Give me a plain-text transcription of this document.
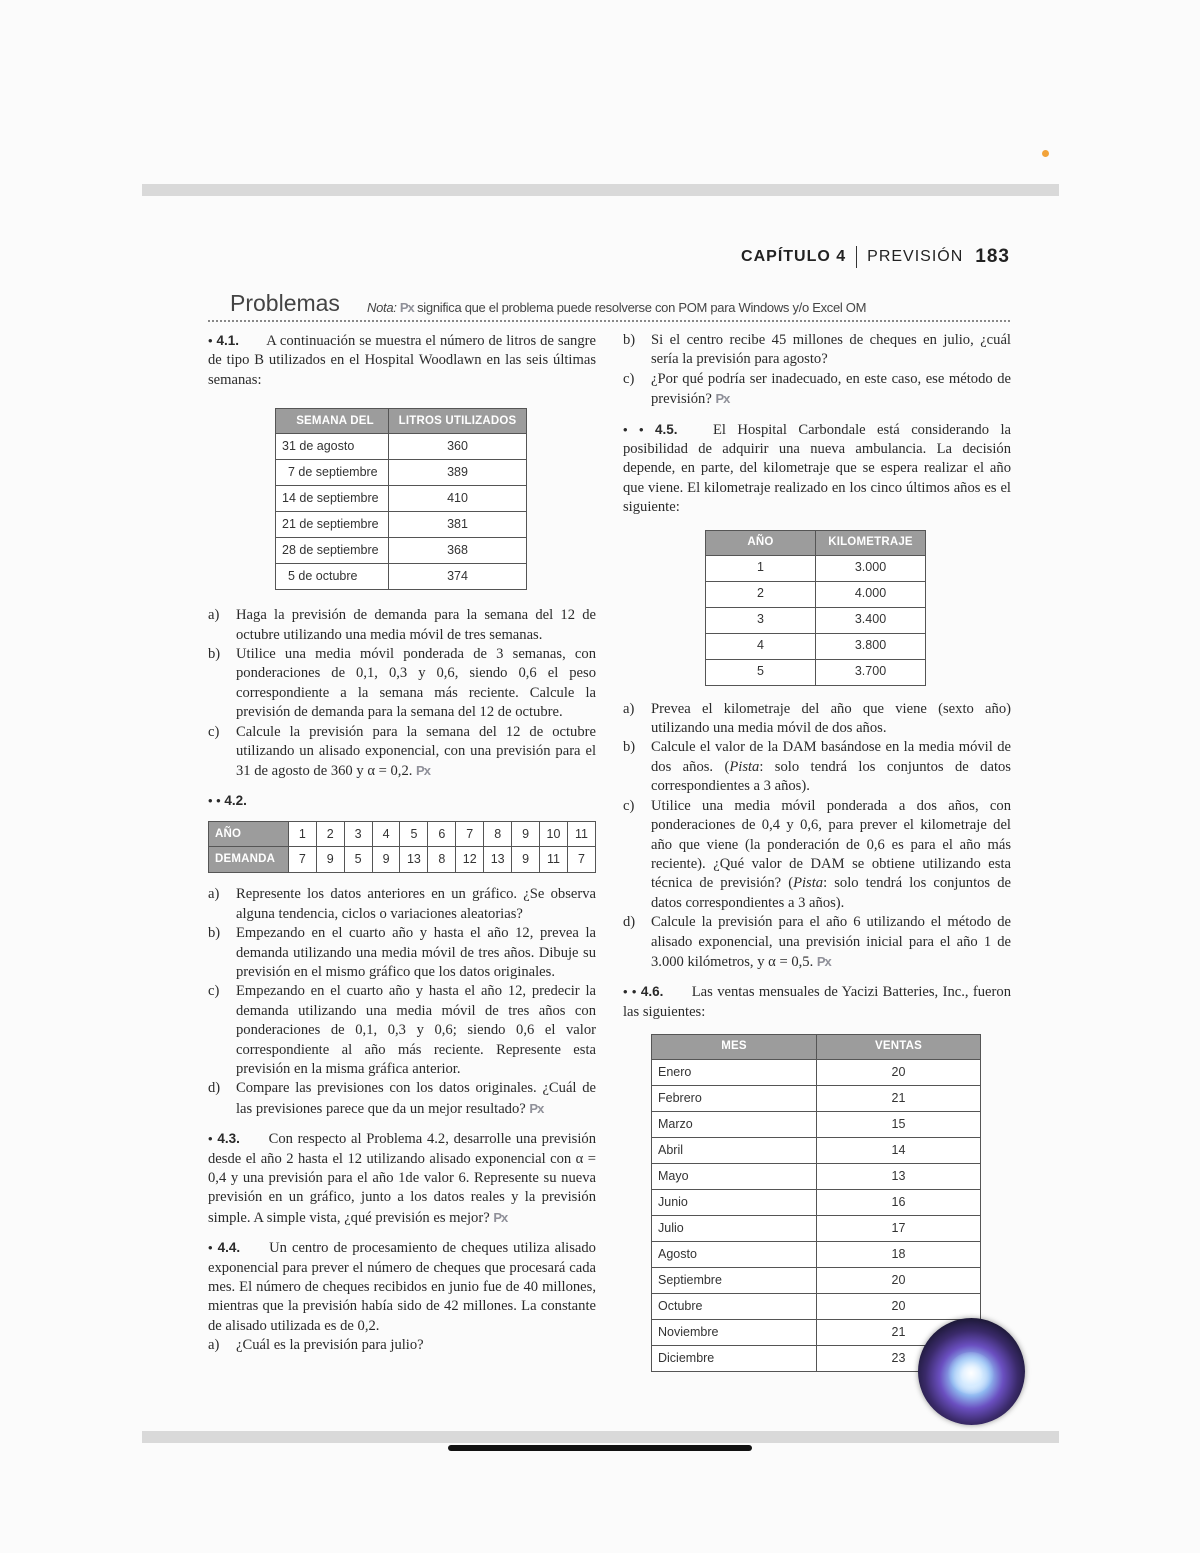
CAPÍTULO 4 PREVISIÓN 183
Problemas Nota: Px significa que el problema puede resolverse con POM para Windows y/o Excel OM
• 4.1. A continuación se muestra el número de litros de sangre de tipo B utilizados en el Hospital Woodlawn en las seis últimas semanas:
SEMANA DEL	LITROS UTILIZADOS
31 de agosto	360
7 de septiembre	389
14 de septiembre	410
21 de septiembre	381
28 de septiembre	368
5 de octubre	374
a)	Haga la previsión de demanda para la semana del 12 de octubre utilizando una media móvil de tres semanas.
b)	Utilice una media móvil ponderada de 3 semanas, con ponderaciones de 0,1, 0,3 y 0,6, siendo 0,6 el peso correspondiente a la semana más reciente. Calcule la previsión de demanda para la semana del 12 de octubre.
c)	Calcule la previsión para la semana del 12 de octubre utilizando un alisado exponencial, con una previsión para el 31 de agosto de 360 y α = 0,2. Px
• • 4.2.
AÑO	1	2	3	4	5	6	7	8	9	10	11
DEMANDA	7	9	5	9	13	8	12	13	9	11	7
a)	Represente los datos anteriores en un gráfico. ¿Se observa alguna tendencia, ciclos o variaciones aleatorias?
b)	Empezando en el cuarto año y hasta el año 12, prevea la demanda utilizando una media móvil de tres años. Dibuje su previsión en el mismo gráfico que los datos originales.
c)	Empezando en el cuarto año y hasta el año 12, predecir la demanda utilizando una media móvil de tres años con ponderaciones de 0,1, 0,3 y 0,6; siendo 0,6 el valor correspondiente al año más reciente. Represente esta previsión en la misma gráfica anterior.
d)	Compare las previsiones con los datos originales. ¿Cuál de las previsiones parece que da un mejor resultado? Px
• 4.3. Con respecto al Problema 4.2, desarrolle una previsión desde el año 2 hasta el 12 utilizando alisado exponencial con α = 0,4 y una previsión para el año 1de valor 6. Represente su nueva previsión en un gráfico, junto a los datos reales y la previsión simple. A simple vista, ¿qué previsión es mejor? Px
• 4.4. Un centro de procesamiento de cheques utiliza alisado exponencial para prever el número de cheques que procesará cada mes. El número de cheques recibidos en junio fue de 40 millones, mientras que la previsión había sido de 42 millones. La constante de alisado utilizada es de 0,2.
a)	¿Cuál es la previsión para julio?
b)	Si el centro recibe 45 millones de cheques en julio, ¿cuál sería la previsión para agosto?
c)	¿Por qué podría ser inadecuado, en este caso, ese método de previsión? Px
• • 4.5. El Hospital Carbondale está considerando la posibilidad de adquirir una nueva ambulancia. La decisión depende, en parte, del kilometraje que se espera realizar el año que viene. El kilometraje realizado en los cinco últimos años es el siguiente:
AÑO	KILOMETRAJE
1	3.000
2	4.000
3	3.400
4	3.800
5	3.700
a)	Prevea el kilometraje del año que viene (sexto año) utilizando una media móvil de dos años.
b)	Calcule el valor de la DAM basándose en la media móvil de dos años. (Pista: solo tendrá los conjuntos de datos correspondientes a 3 años).
c)	Utilice una media móvil ponderada a dos años, con ponderaciones de 0,4 y 0,6, para prever el kilometraje del año que viene (la ponderación de 0,6 es para el año más reciente). ¿Qué valor de DAM se obtiene utilizando esta técnica de previsión? (Pista: solo tendrá los conjuntos de datos correspondientes a 3 años).
d)	Calcule la previsión para el año 6 utilizando el método de alisado exponencial, una previsión inicial para el año 1 de 3.000 kilómetros, y α = 0,5. Px
• • 4.6. Las ventas mensuales de Yacizi Batteries, Inc., fueron las siguientes:
MES	VENTAS
Enero	20
Febrero	21
Marzo	15
Abril	14
Mayo	13
Junio	16
Julio	17
Agosto	18
Septiembre	20
Octubre	20
Noviembre	21
Diciembre	23
